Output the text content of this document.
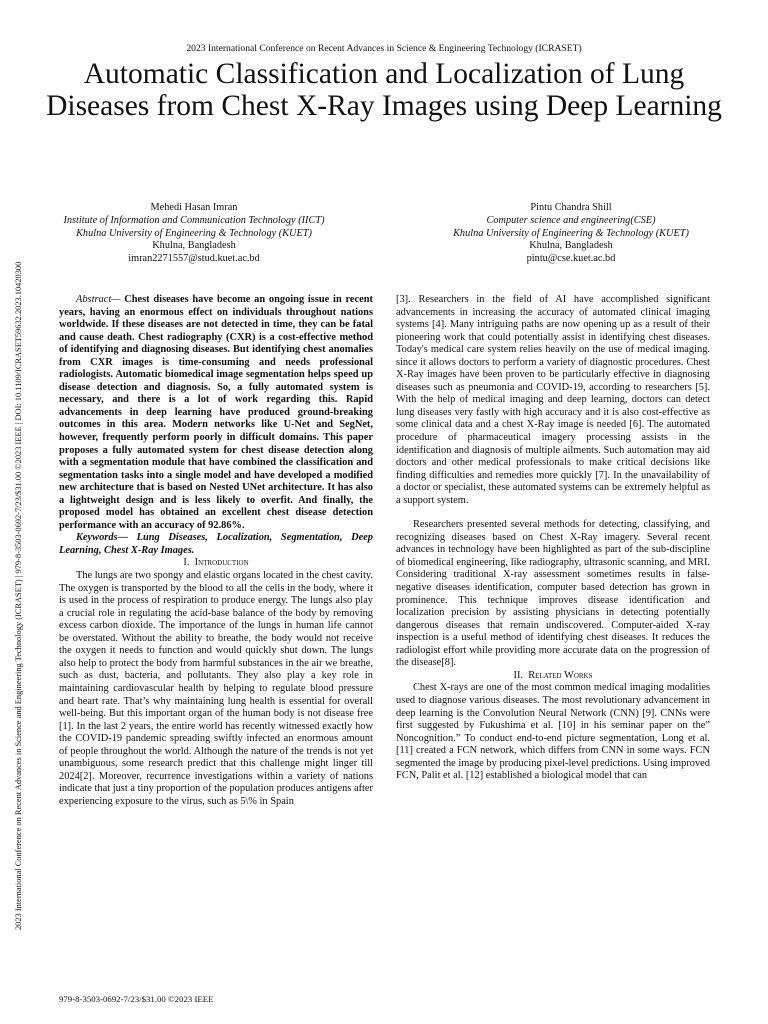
2023 International Conference on Recent Advances in Science & Engineering Technology (ICRASET)
Automatic Classification and Localization of Lung Diseases from Chest X-Ray Images using Deep Learning
2023 International Conference on Recent Advances in Science and Engineering Technology (ICRASET) | 979-8-3503-0692-7/23/$31.00 ©2023 IEEE | DOI: 10.1109/ICRASET59632.2023.10420300
Mehedi Hasan Imran
Institute of Information and Communication Technology (IICT)
Khulna University of Engineering & Technology (KUET)
Khulna, Bangladesh
imran2271557@stud.kuet.ac.bd
Pintu Chandra Shill
Computer science and engineering(CSE)
Khulna University of Engineering & Technology (KUET)
Khulna, Bangladesh
pintu@cse.kuet.ac.bd

Abstract— Chest diseases have become an ongoing issue in recent years, having an enormous effect on individuals throughout nations worldwide. If these diseases are not detected in time, they can be fatal and cause death. Chest radiography (CXR) is a cost-effective method of identifying and diagnosing diseases. But identifying chest anomalies from CXR images is time-consuming and needs professional radiologists. Automatic biomedical image segmentation helps speed up disease detection and diagnosis. So, a fully automated system is necessary, and there is a lot of work regarding this. Rapid advancements in deep learning have produced ground-breaking outcomes in this area. Modern networks like U-Net and SegNet, however, frequently perform poorly in difficult domains. This paper proposes a fully automated system for chest disease detection along with a segmentation module that have combined the classification and segmentation tasks into a single model and have developed a modified new architecture that is based on Nested UNet architecture. It has also a lightweight design and is less likely to overfit. And finally, the proposed model has obtained an excellent chest disease detection performance with an accuracy of 92.86%.

Keywords— Lung Diseases, Localization, Segmentation, Deep Learning, Chest X-Ray Images.

I. Introduction

The lungs are two spongy and elastic organs located in the chest cavity. The oxygen is transported by the blood to all the cells in the body, where it is used in the process of respiration to produce energy. The lungs also play a crucial role in regulating the acid-base balance of the body by removing excess carbon dioxide. The importance of the lungs in human life cannot be overstated. Without the ability to breathe, the body would not receive the oxygen it needs to function and would quickly shut down. The lungs also help to protect the body from harmful substances in the air we breathe, such as dust, bacteria, and pollutants. They also play a key role in maintaining cardiovascular health by helping to regulate blood pressure and heart rate. That’s why maintaining lung health is essential for overall well-being. But this important organ of the human body is not disease free [1]. In the last 2 years, the entire world has recently witnessed exactly how the COVID-19 pandemic spreading swiftly infected an enormous amount of people throughout the world. Although the nature of the trends is not yet unambiguous, some research predict that this challenge might linger till 2024[2]. Moreover, recurrence investigations within a variety of nations indicate that just a tiny proportion of the population produces antigens after experiencing exposure to the virus, such as 5\% in Spain

[3]. Researchers in the field of AI have accomplished significant advancements in increasing the accuracy of automated clinical imaging systems [4]. Many intriguing paths are now opening up as a result of their pioneering work that could potentially assist in identifying chest diseases. Today's medical care system relies heavily on the use of medical imaging. since it allows doctors to perform a variety of diagnostic procedures. Chest X-Ray images have been proven to be particularly effective in diagnosing diseases such as pneumonia and COVID-19, according to researchers [5]. With the help of medical imaging and deep learning, doctors can detect lung diseases very fastly with high accuracy and it is also cost-effective as some clinical data and a chest X-Ray image is needed [6]. The automated procedure of pharmaceutical imagery processing assists in the identification and diagnosis of multiple ailments. Such automation may aid doctors and other medical professionals to make critical decisions like finding difficulties and remedies more quickly [7]. In the unavailability of a doctor or specialist, these automated systems can be extremely helpful as a support system.

Researchers presented several methods for detecting, classifying, and recognizing diseases based on Chest X-Ray imagery. Several recent advances in technology have been highlighted as part of the sub-discipline of biomedical engineering, like radiography, ultrasonic scanning, and MRI. Considering traditional X-ray assessment sometimes results in false-negative diseases identification, computer based detection has grown in prominence. This technique improves disease identification and localization precision by assisting physicians in detecting potentially dangerous diseases that remain undiscovered. Computer-aided X-ray inspection is a useful method of identifying chest diseases. It reduces the radiologist effort while providing more accurate data on the progression of the disease[8].

II. Related Works

Chest X-rays are one of the most common medical imaging modalities used to diagnose various diseases. The most revolutionary advancement in deep learning is the Convolution Neural Network (CNN) [9]. CNNs were first suggested by Fukushima et al. [10] in his seminar paper on the” Noncognition.” To conduct end-to-end picture segmentation, Long et al. [11] created a FCN network, which differs from CNN in some ways. FCN segmented the image by producing pixel-level predictions. Using improved FCN, Palit et al. [12] established a biological model that can

979-8-3503-0692-7/23/$31.00 ©2023 IEEE
